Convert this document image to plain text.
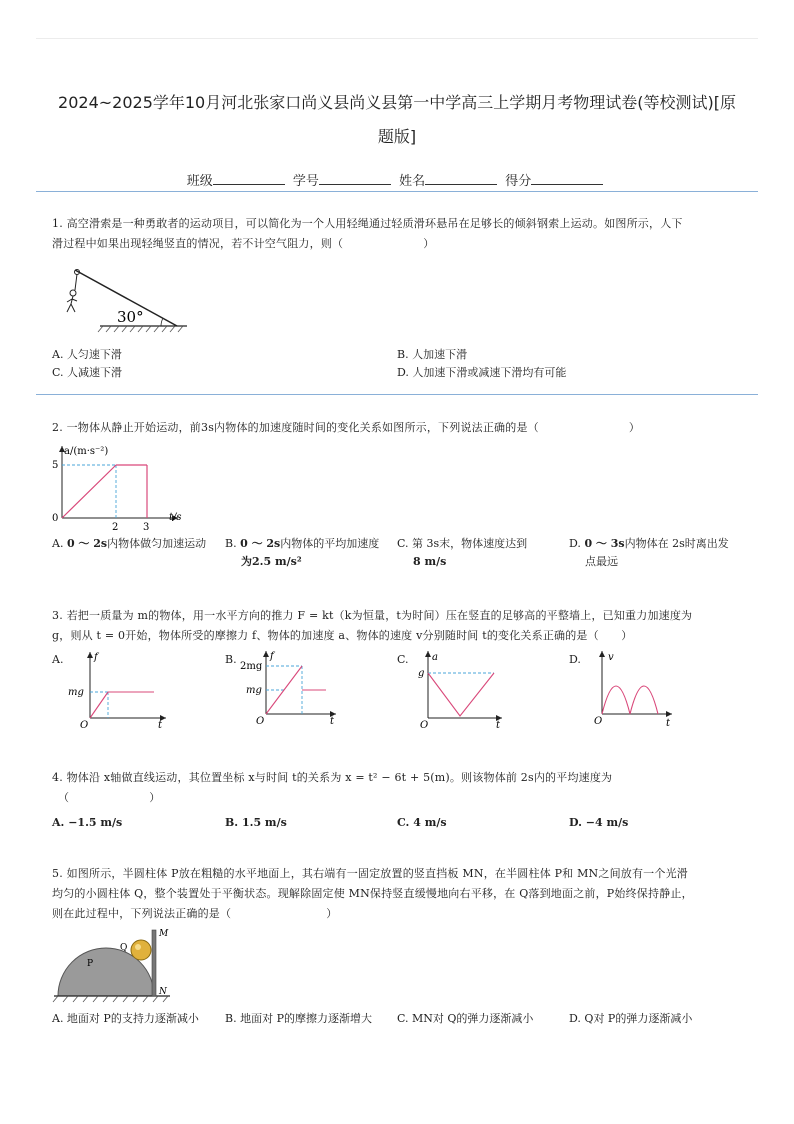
2024~2025学年10月河北张家口尚义县尚义县第一中学高三上学期月考物理试卷(等校测试)[原
题版]
班级	学号	姓名	得分
1. 高空滑索是一种勇敢者的运动项目，可以简化为一个人用轻绳通过轻质滑环悬吊在足够长的倾斜钢索上运动。如图所示，人下
滑过程中如果出现轻绳竖直的情况，若不计空气阻力，则（	）
30°
A. 人匀速下滑	B. 人加速下滑
C. 人减速下滑	D. 人加速下滑或减速下滑均有可能
2. 一物体从静止开始运动，前3s内物体的加速度随时间的变化关系如图所示，下列说法正确的是（	）
a/(m·s⁻²)
5
0
2 3
t/s
A. 0 ～ 2s内物体做匀加速运动	B. 0 ～ 2s内物体的平均加速度
为2.5 m/s²
C. 第 3s末，物体速度达到
8 m/s
D. 0 ～ 3s内物体在 2s时离出发
点最远
3. 若把一质量为 m的物体，用一水平方向的推力 F = kt（k为恒量，t为时间）压在竖直的足够高的平整墙上，已知重力加速度为
g，则从 t = 0开始，物体所受的摩擦力 f、物体的加速度 a、物体的速度 v分别随时间 t的变化关系正确的是（　　）
A.	f
mg
O	t
B.	f
2mg
mg
O	t
C. a
g
O	t
D.	v
O	t
4. 物体沿 x轴做直线运动，其位置坐标 x与时间 t的关系为 x = t² − 6t + 5(m)。则该物体前 2s内的平均速度为
（	）
A. −1.5 m/s	B. 1.5 m/s	C. 4 m/s	D. −4 m/s
5. 如图所示，半圆柱体 P放在粗糙的水平地面上，其右端有一固定放置的竖直挡板 MN，在半圆柱体 P和 MN之间放有一个光滑
均匀的小圆柱体 Q，整个装置处于平衡状态。现解除固定使 MN保持竖直缓慢地向右平移，在 Q落到地面之前，P始终保持静止，
则在此过程中，下列说法正确的是（	）
P
Q
M
N
A. 地面对 P的支持力逐渐减小 B. 地面对 P的摩擦力逐渐增大 C. MN对 Q的弹力逐渐减小	D. Q对 P的弹力逐渐减小
